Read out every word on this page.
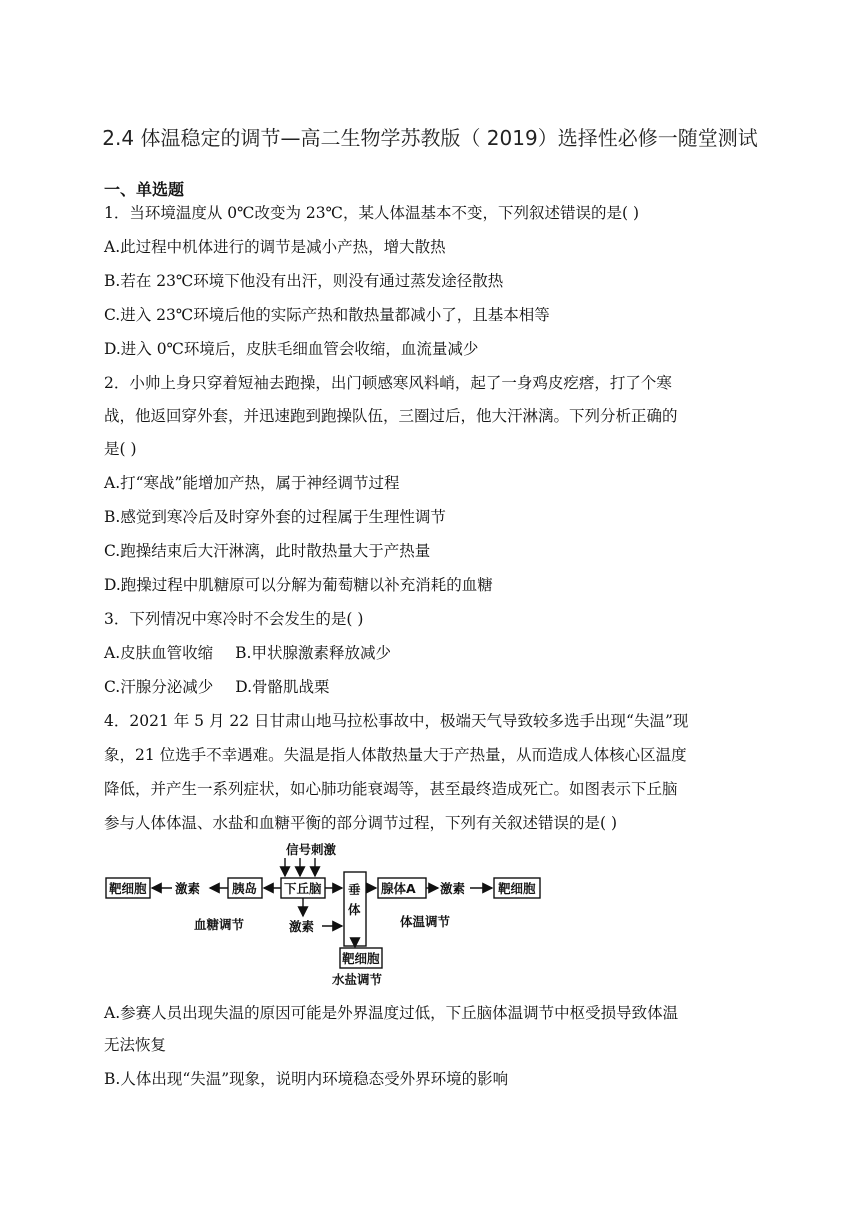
2.4 体温稳定的调节—高二生物学苏教版（ 2019）选择性必修一随堂测试
一、单选题
1．当环境温度从 0℃改变为 23℃，某人体温基本不变，下列叙述错误的是( )
A.此过程中机体进行的调节是减小产热，增大散热
B.若在 23℃环境下他没有出汗，则没有通过蒸发途径散热
C.进入 23℃环境后他的实际产热和散热量都减小了，且基本相等
D.进入 0℃环境后，皮肤毛细血管会收缩，血流量减少
2．小帅上身只穿着短袖去跑操，出门顿感寒风料峭，起了一身鸡皮疙瘩，打了个寒
战，他返回穿外套，并迅速跑到跑操队伍，三圈过后，他大汗淋漓。下列分析正确的
是( )
A.打“寒战”能增加产热，属于神经调节过程
B.感觉到寒冷后及时穿外套的过程属于生理性调节
C.跑操结束后大汗淋漓，此时散热量大于产热量
D.跑操过程中肌糖原可以分解为葡萄糖以补充消耗的血糖
3．下列情况中寒冷时不会发生的是( )
A.皮肤血管收缩 B.甲状腺激素释放减少
C.汗腺分泌减少 D.骨骼肌战栗
4．2021 年 5 月 22 日甘肃山地马拉松事故中，极端天气导致较多选手出现“失温”现
象，21 位选手不幸遇难。失温是指人体散热量大于产热量，从而造成人体核心区温度
降低，并产生一系列症状，如心肺功能衰竭等，甚至最终造成死亡。如图表示下丘脑
参与人体体温、水盐和血糖平衡的部分调节过程，下列有关叙述错误的是( )
信号刺激
靶细胞 激素	胰岛 下丘脑 垂
体
腺体A 激素	靶细胞
血糖调节	激素	体温调节
靶细胞
水盐调节
A.参赛人员出现失温的原因可能是外界温度过低，下丘脑体温调节中枢受损导致体温
无法恢复
B.人体出现“失温”现象，说明内环境稳态受外界环境的影响
